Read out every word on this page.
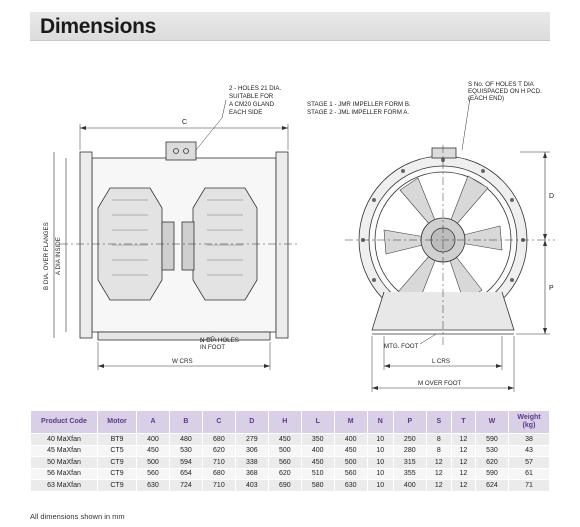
Dimensions
C
2 - HOLES 21 DIA.
SUITABLE FOR
A CM20 GLAND
EACH SIDE
B DIA. OVER FLANGES A DIA INSIDE
N DIA HOLES
IN FOOT
W CRS
S No. OF HOLES T DIA
EQUISPACED ON H PCD.
(EACH END)
STAGE 1 - JMR IMPELLER FORM B.
STAGE 2 - JML IMPELLER FORM A.
D
P
MTG. FOOT
L CRS
M OVER FOOT
Product Code	Motor	A	B	C	D	H	L	M	N	P	S	T	W	Weight (kg)
40 MaXfan	BT9	400	480	680	279	450	350	400	10	250	8	12	590	38
45 MaXfan	CT5	450	530	620	306	500	400	450	10	280	8	12	530	43
50 MaXfan	CT9	500	594	710	338	560	450	500	10	315	12	12	620	57
56 MaXfan	CT9	560	654	680	368	620	510	560	10	355	12	12	590	61
63 MaXfan	CT9	630	724	710	403	690	580	630	10	400	12	12	624	71
All dimensions shown in mm
